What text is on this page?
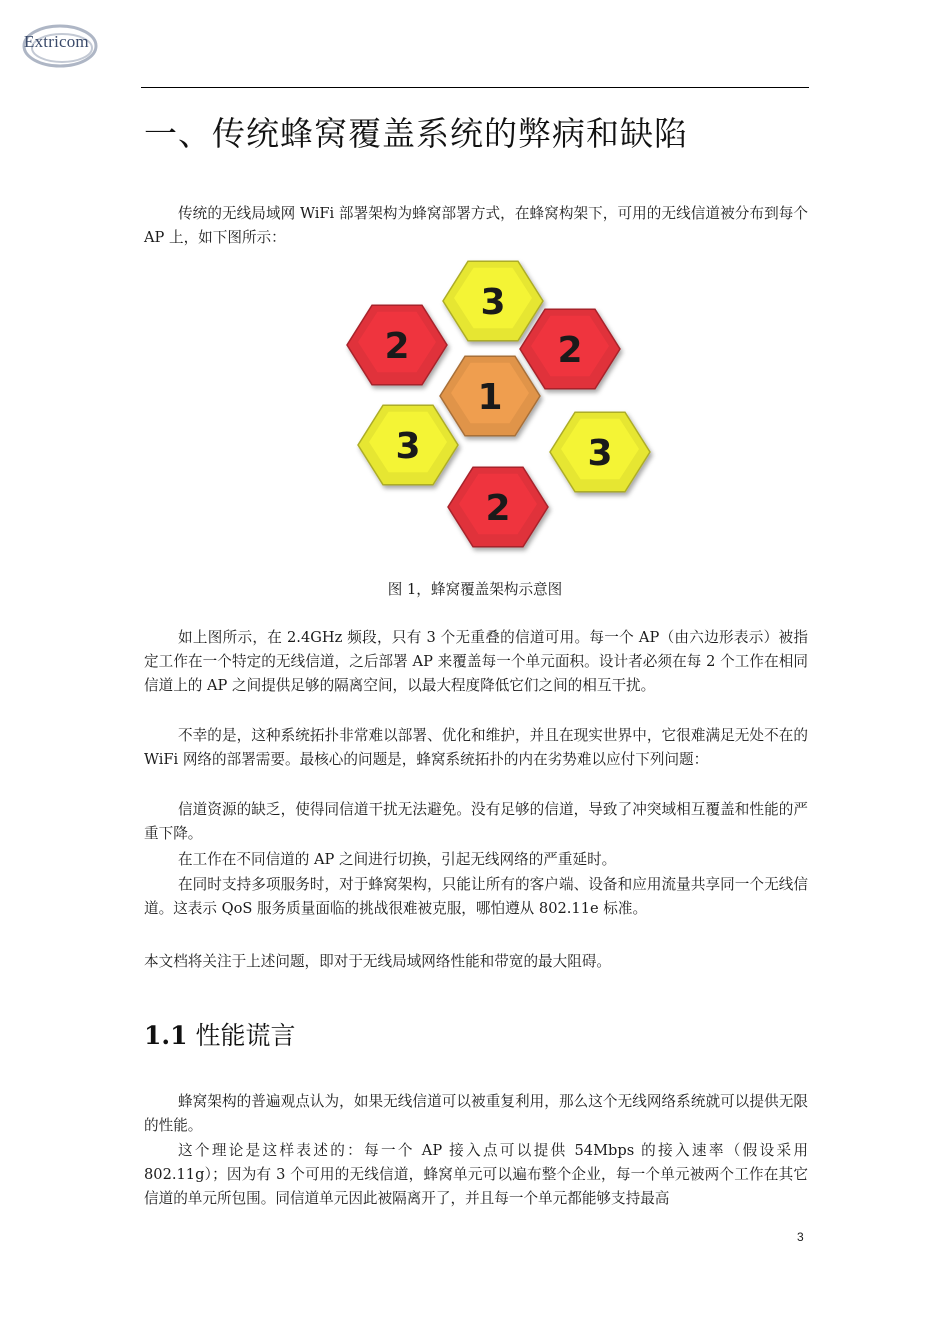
Extricom
一、传统蜂窝覆盖系统的弊病和缺陷

传统的无线局域网 WiFi 部署架构为蜂窝部署方式，在蜂窝构架下，可用的无线信道被分布到每个 AP 上，如下图所示：

3
2	2
1
3	3
2
图 1，蜂窝覆盖架构示意图

如上图所示，在 2.4GHz 频段，只有 3 个无重叠的信道可用。每一个 AP（由六边形表示）被指定工作在一个特定的无线信道，之后部署 AP 来覆盖每一个单元面积。设计者必须在每 2 个工作在相同信道上的 AP 之间提供足够的隔离空间，以最大程度降低它们之间的相互干扰。

不幸的是，这种系统拓扑非常难以部署、优化和维护，并且在现实世界中，它很难满足无处不在的 WiFi 网络的部署需要。最核心的问题是，蜂窝系统拓扑的内在劣势难以应付下列问题：

信道资源的缺乏，使得同信道干扰无法避免。没有足够的信道，导致了冲突域相互覆盖和性能的严重下降。

在工作在不同信道的 AP 之间进行切换，引起无线网络的严重延时。

在同时支持多项服务时，对于蜂窝架构，只能让所有的客户端、设备和应用流量共享同一个无线信道。这表示 QoS 服务质量面临的挑战很难被克服，哪怕遵从 802.11e 标准。

本文档将关注于上述问题，即对于无线局域网络性能和带宽的最大阻碍。

1.1 性能谎言

蜂窝架构的普遍观点认为，如果无线信道可以被重复利用，那么这个无线网络系统就可以提供无限的性能。

这个理论是这样表述的：每一个 AP 接入点可以提供 54Mbps 的接入速率（假设采用 802.11g）；因为有 3 个可用的无线信道，蜂窝单元可以遍布整个企业，每一个单元被两个工作在其它信道的单元所包围。同信道单元因此被隔离开了，并且每一个单元都能够支持最高

3
